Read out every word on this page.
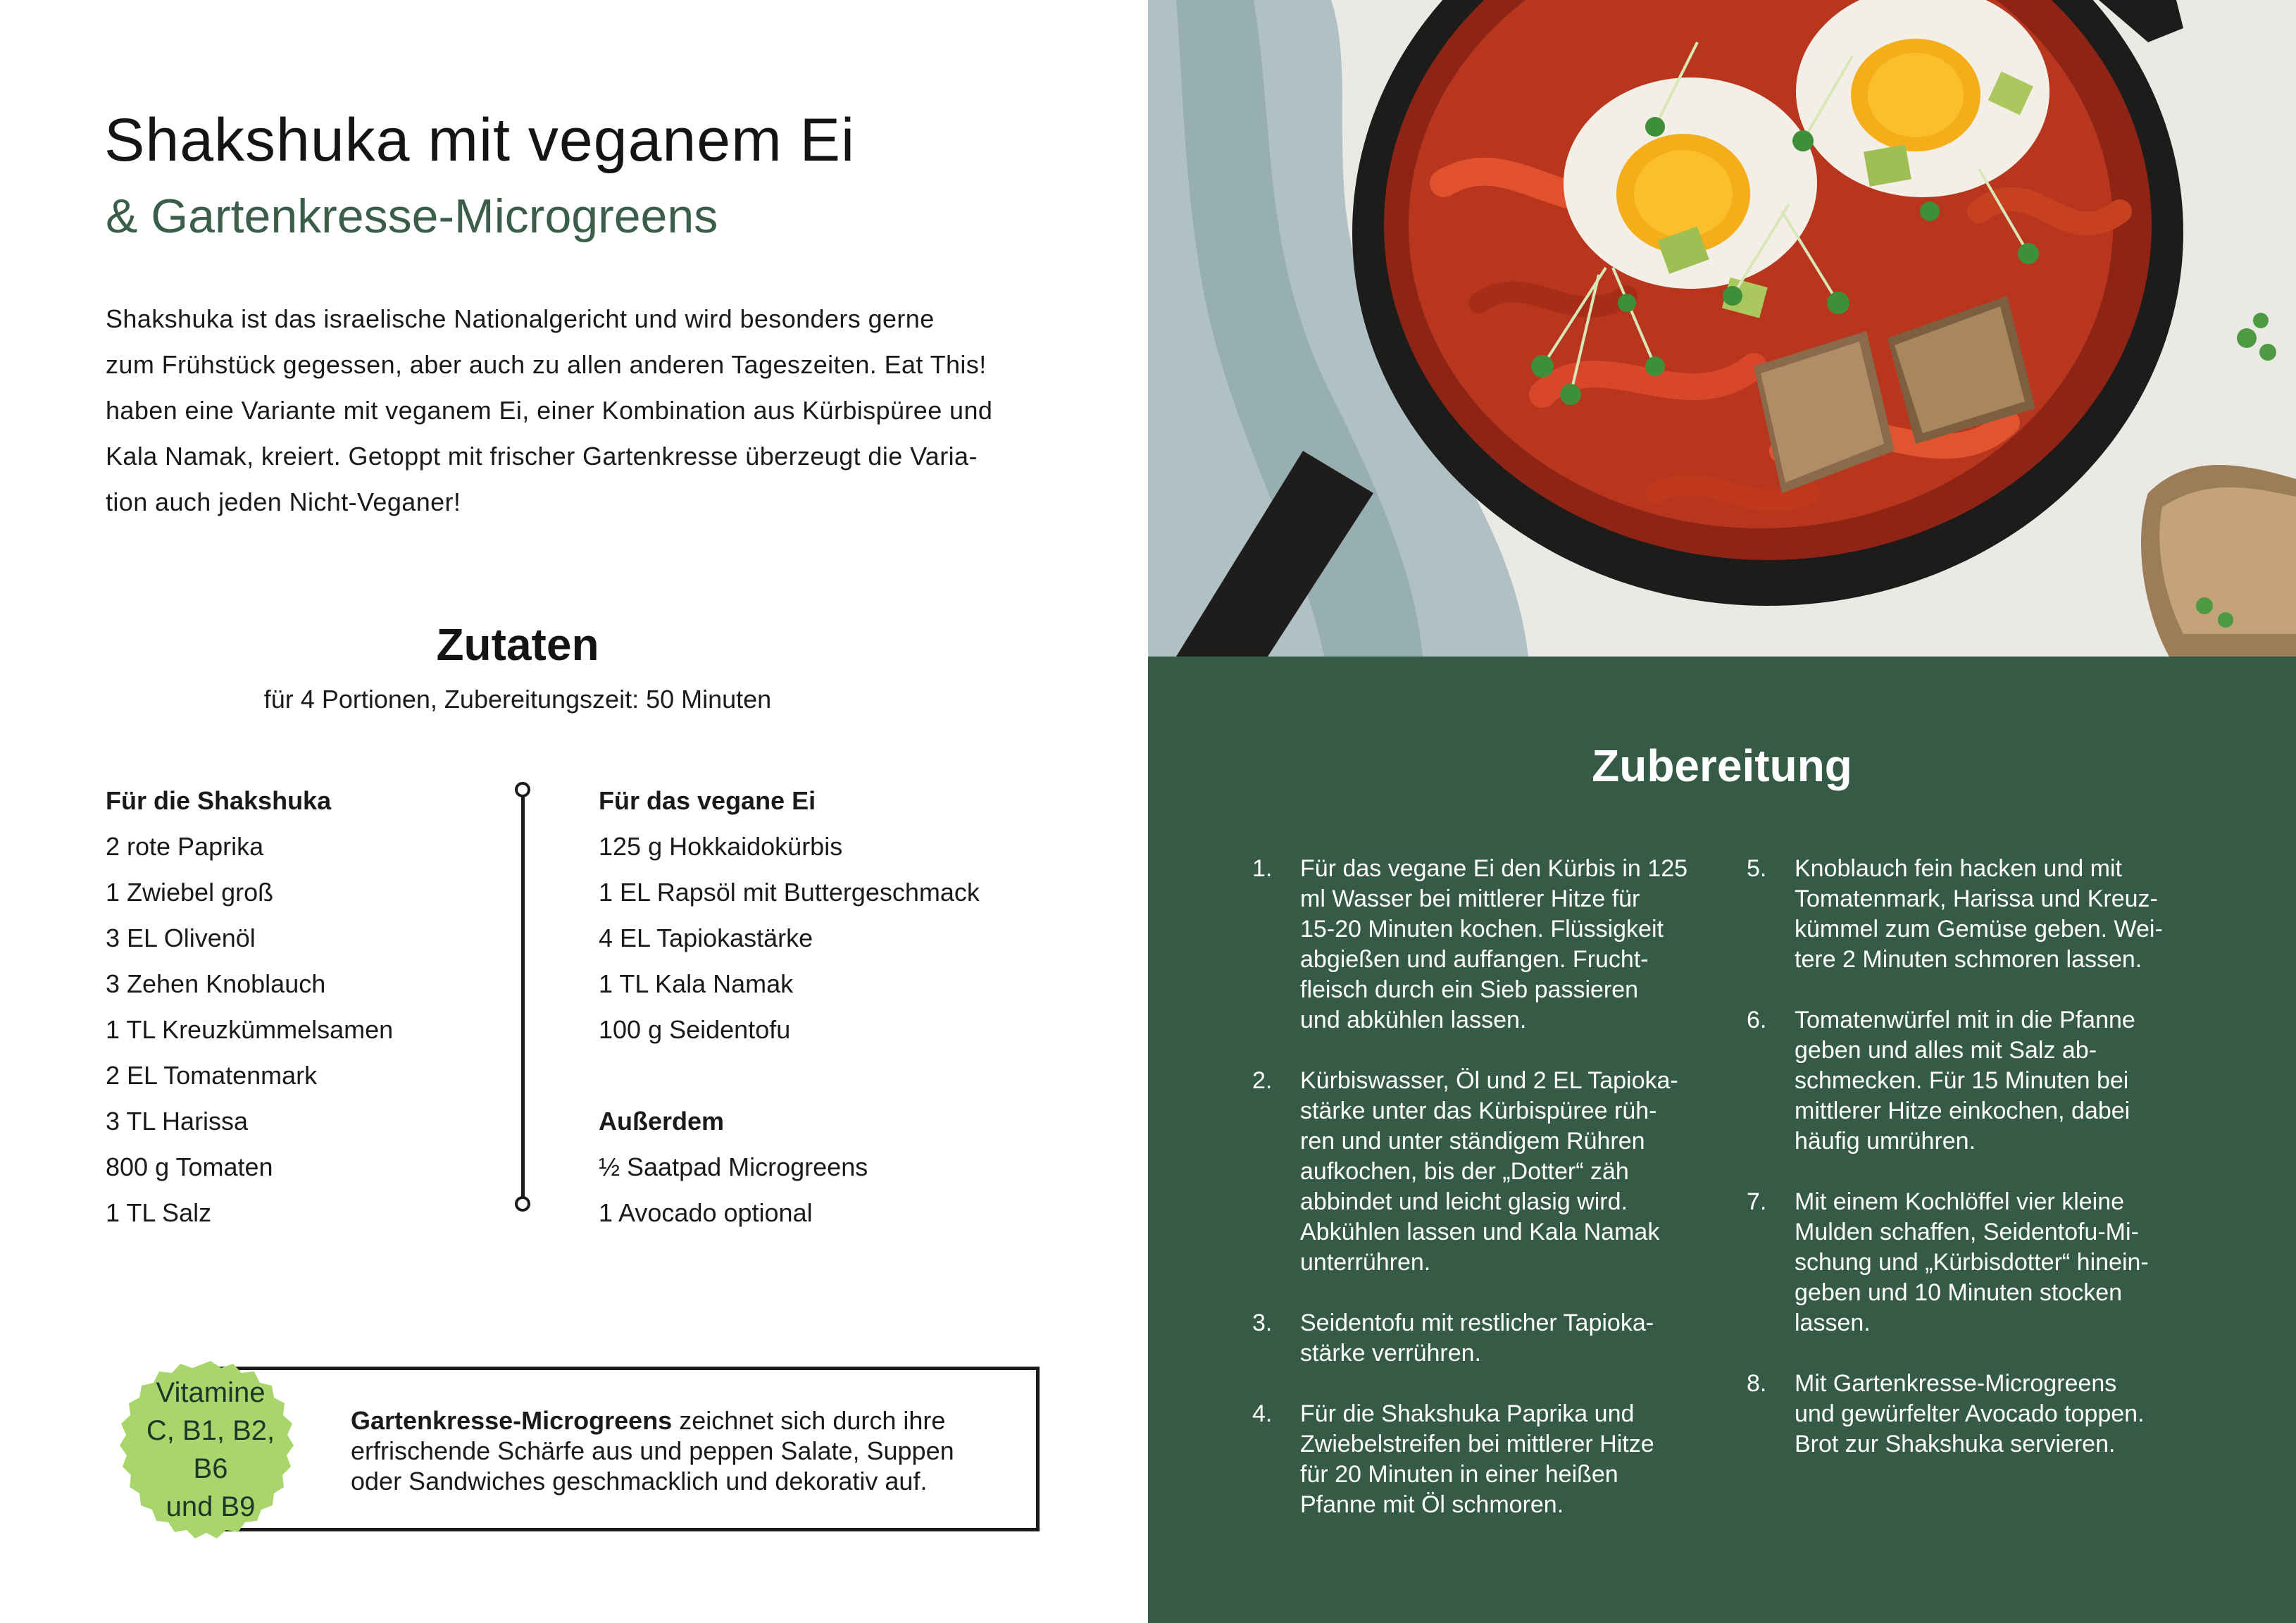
Shakshuka mit veganem Ei
& Gartenkresse-Microgreens

Shakshuka ist das israelische Nationalgericht und wird besonders gerne
zum Frühstück gegessen, aber auch zu allen anderen Tageszeiten. Eat This!
haben eine Variante mit veganem Ei, einer Kombination aus Kürbispüree und
Kala Namak, kreiert. Getoppt mit frischer Gartenkresse überzeugt die Varia-
tion auch jeden Nicht-Veganer!

Zutaten

für 4 Portionen, Zubereitungszeit: 50 Minuten

Für die Shakshuka
2 rote Paprika
1 Zwiebel groß
3 EL Olivenöl
3 Zehen Knoblauch
1 TL Kreuzkümmelsamen
2 EL Tomatenmark
3 TL Harissa
800 g Tomaten
1 TL Salz
Für das vegane Ei
125 g Hokkaidokürbis
1 EL Rapsöl mit Buttergeschmack
4 EL Tapiokastärke
1 TL Kala Namak
100 g Seidentofu
Außerdem
½ Saatpad Microgreens
1 Avocado optional

Gartenkresse-Microgreens zeichnet sich durch ihre
erfrischende Schärfe aus und peppen Salate, Suppen
oder Sandwiches geschmacklich und dekorativ auf.

Vitamine
C, B1, B2, B6
und B9
Zubereitung
1.	Für das vegane Ei den Kürbis in 125
ml Wasser bei mittlerer Hitze für
15-20 Minuten kochen. Flüssigkeit
abgießen und auffangen. Frucht-
fleisch durch ein Sieb passieren
und abkühlen lassen.
2.	Kürbiswasser, Öl und 2 EL Tapioka-
stärke unter das Kürbispüree rüh-
ren und unter ständigem Rühren
aufkochen, bis der „Dotter“ zäh
abbindet und leicht glasig wird.
Abkühlen lassen und Kala Namak
unterrühren.
3.	Seidentofu mit restlicher Tapioka-
stärke verrühren.
4.	Für die Shakshuka Paprika und
Zwiebelstreifen bei mittlerer Hitze
für 20 Minuten in einer heißen
Pfanne mit Öl schmoren.
5.	Knoblauch fein hacken und mit
Tomatenmark, Harissa und Kreuz-
kümmel zum Gemüse geben. Wei-
tere 2 Minuten schmoren lassen.
6.	Tomatenwürfel mit in die Pfanne
geben und alles mit Salz ab-
schmecken. Für 15 Minuten bei
mittlerer Hitze einkochen, dabei
häufig umrühren.
7.	Mit einem Kochlöffel vier kleine
Mulden schaffen, Seidentofu-Mi-
schung und „Kürbisdotter“ hinein-
geben und 10 Minuten stocken
lassen.
8.	Mit Gartenkresse-Microgreens
und gewürfelter Avocado toppen.
Brot zur Shakshuka servieren.
